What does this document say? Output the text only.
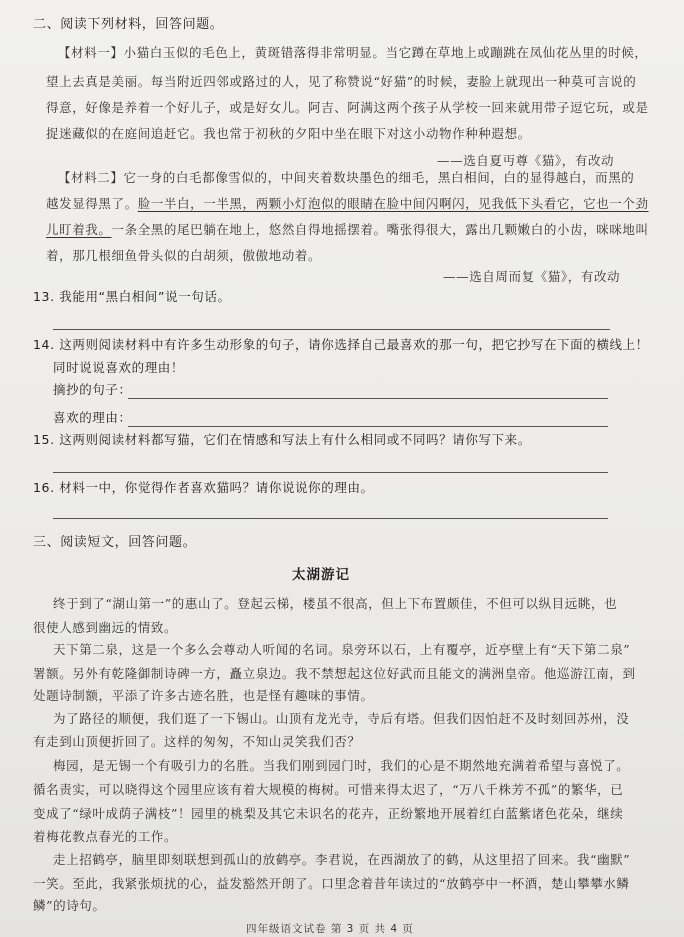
二、阅读下列材料，回答问题。
【材料一】小猫白玉似的毛色上，黄斑错落得非常明显。当它蹲在草地上或蹦跳在凤仙花丛里的时候，
望上去真是美丽。每当附近四邻或路过的人，见了称赞说“好猫”的时候，妻脸上就现出一种莫可言说的
得意，好像是养着一个好儿子，或是好女儿。阿吉、阿满这两个孩子从学校一回来就用带子逗它玩，或是
捉迷藏似的在庭间追赶它。我也常于初秋的夕阳中坐在眼下对这小动物作种种遐想。
——选自夏丏尊《猫》，有改动
【材料二】它一身的白毛都像雪似的，中间夹着数块墨色的细毛，黑白相间，白的显得越白，而黑的
越发显得黑了。脸一半白，一半黑，两颗小灯泡似的眼睛在脸中间闪啊闪，见我低下头看它，它也一个劲
儿盯着我。一条全黑的尾巴躺在地上，悠然自得地摇摆着。嘴张得很大，露出几颗嫩白的小齿，咪咪地叫
着，那几根细鱼骨头似的白胡须，傲傲地动着。
——选自周而复《猫》，有改动
13. 我能用“黑白相间”说一句话。
14. 这两则阅读材料中有许多生动形象的句子，请你选择自己最喜欢的那一句，把它抄写在下面的横线上！
同时说说喜欢的理由！
摘抄的句子：
喜欢的理由：
15. 这两则阅读材料都写猫，它们在情感和写法上有什么相同或不同吗？请你写下来。
16. 材料一中，你觉得作者喜欢猫吗？请你说说你的理由。
三、阅读短文，回答问题。
太湖游记
终于到了“湖山第一”的惠山了。登起云梯，楼虽不很高，但上下布置颇佳，不但可以纵目远眺，也
很使人感到幽远的情致。
天下第二泉，这是一个多么会尊动人听闻的名词。泉旁环以石，上有覆亭，近亭壁上有“天下第二泉”
署额。另外有乾隆御制诗碑一方，矗立泉边。我不禁想起这位好武而且能文的满洲皇帝。他巡游江南，到
处题诗制额，平添了许多古迹名胜，也是怪有趣味的事情。
为了路径的顺便，我们逛了一下锡山。山顶有龙光寺，寺后有塔。但我们因怕赶不及时刻回苏州，没
有走到山顶便折回了。这样的匆匆，不知山灵笑我们否？
梅园，是无锡一个有吸引力的名胜。当我们刚到园门时，我们的心是不期然地充满着希望与喜悦了。
循名责实，可以晓得这个园里应该有着大规模的梅树。可惜来得太迟了，“万八千株芳不孤”的繁华，已
变成了“绿叶成荫子满枝”！园里的桃梨及其它未识名的花卉，正纷繁地开展着红白蓝紫诸色花朵，继续
着梅花教点春光的工作。
走上招鹤亭，脑里即刻联想到孤山的放鹤亭。李君说，在西湖放了的鹤，从这里招了回来。我“幽默”
一笑。至此，我紧张烦扰的心，益发豁然开朗了。口里念着昔年读过的“放鹤亭中一杯酒，楚山攀攀水鳞
鳞”的诗句。
四年级语文试卷 第 3 页 共 4 页
